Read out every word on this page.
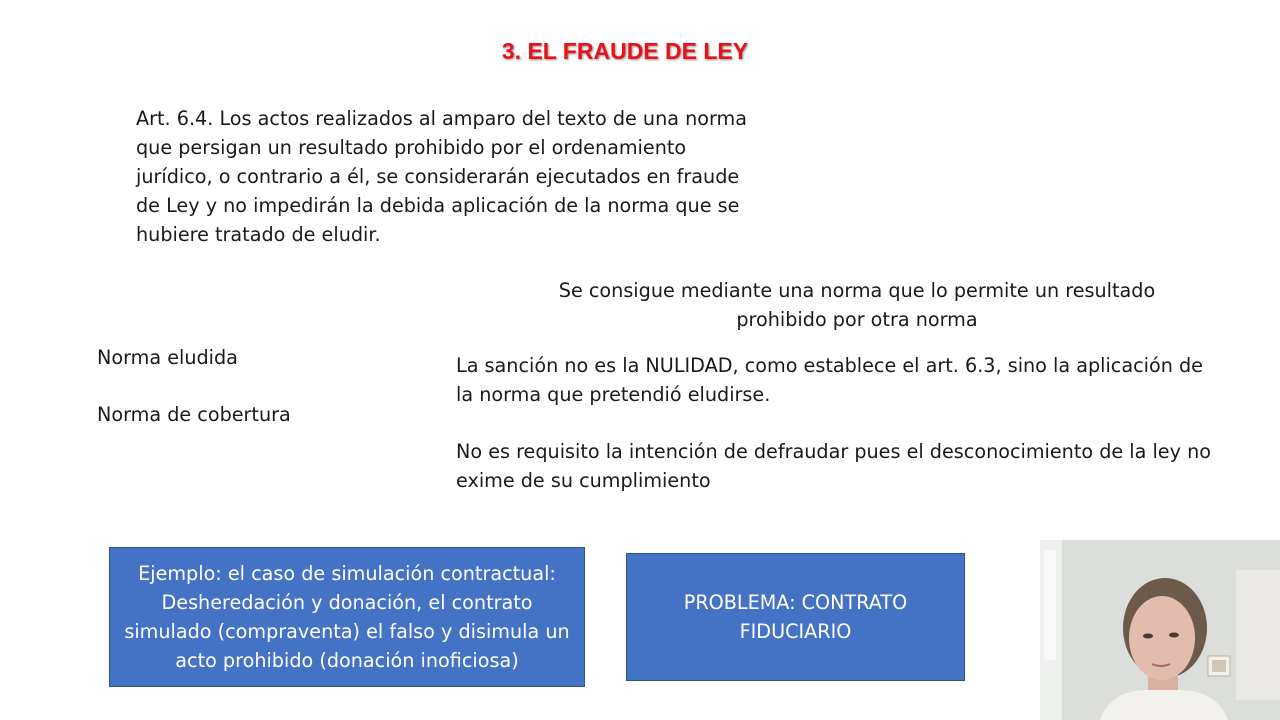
3. EL FRAUDE DE LEY
Art. 6.4. Los actos realizados al amparo del texto de una norma que persigan un resultado prohibido por el ordenamiento jurídico, o contrario a él, se considerarán ejecutados en fraude de Ley y no impedirán la debida aplicación de la norma que se hubiere tratado de eludir.
Se consigue mediante una norma que lo permite un resultado prohibido por otra norma
Norma eludida
Norma de cobertura
La sanción no es la NULIDAD, como establece el art. 6.3, sino la aplicación de la norma que pretendió eludirse.
No es requisito la intención de defraudar pues el desconocimiento de la ley no exime de su cumplimiento
Ejemplo: el caso de simulación contractual: Desheredación y donación, el contrato simulado (compraventa) el falso y disimula un acto prohibido (donación inoficiosa)
PROBLEMA: CONTRATO FIDUCIARIO
